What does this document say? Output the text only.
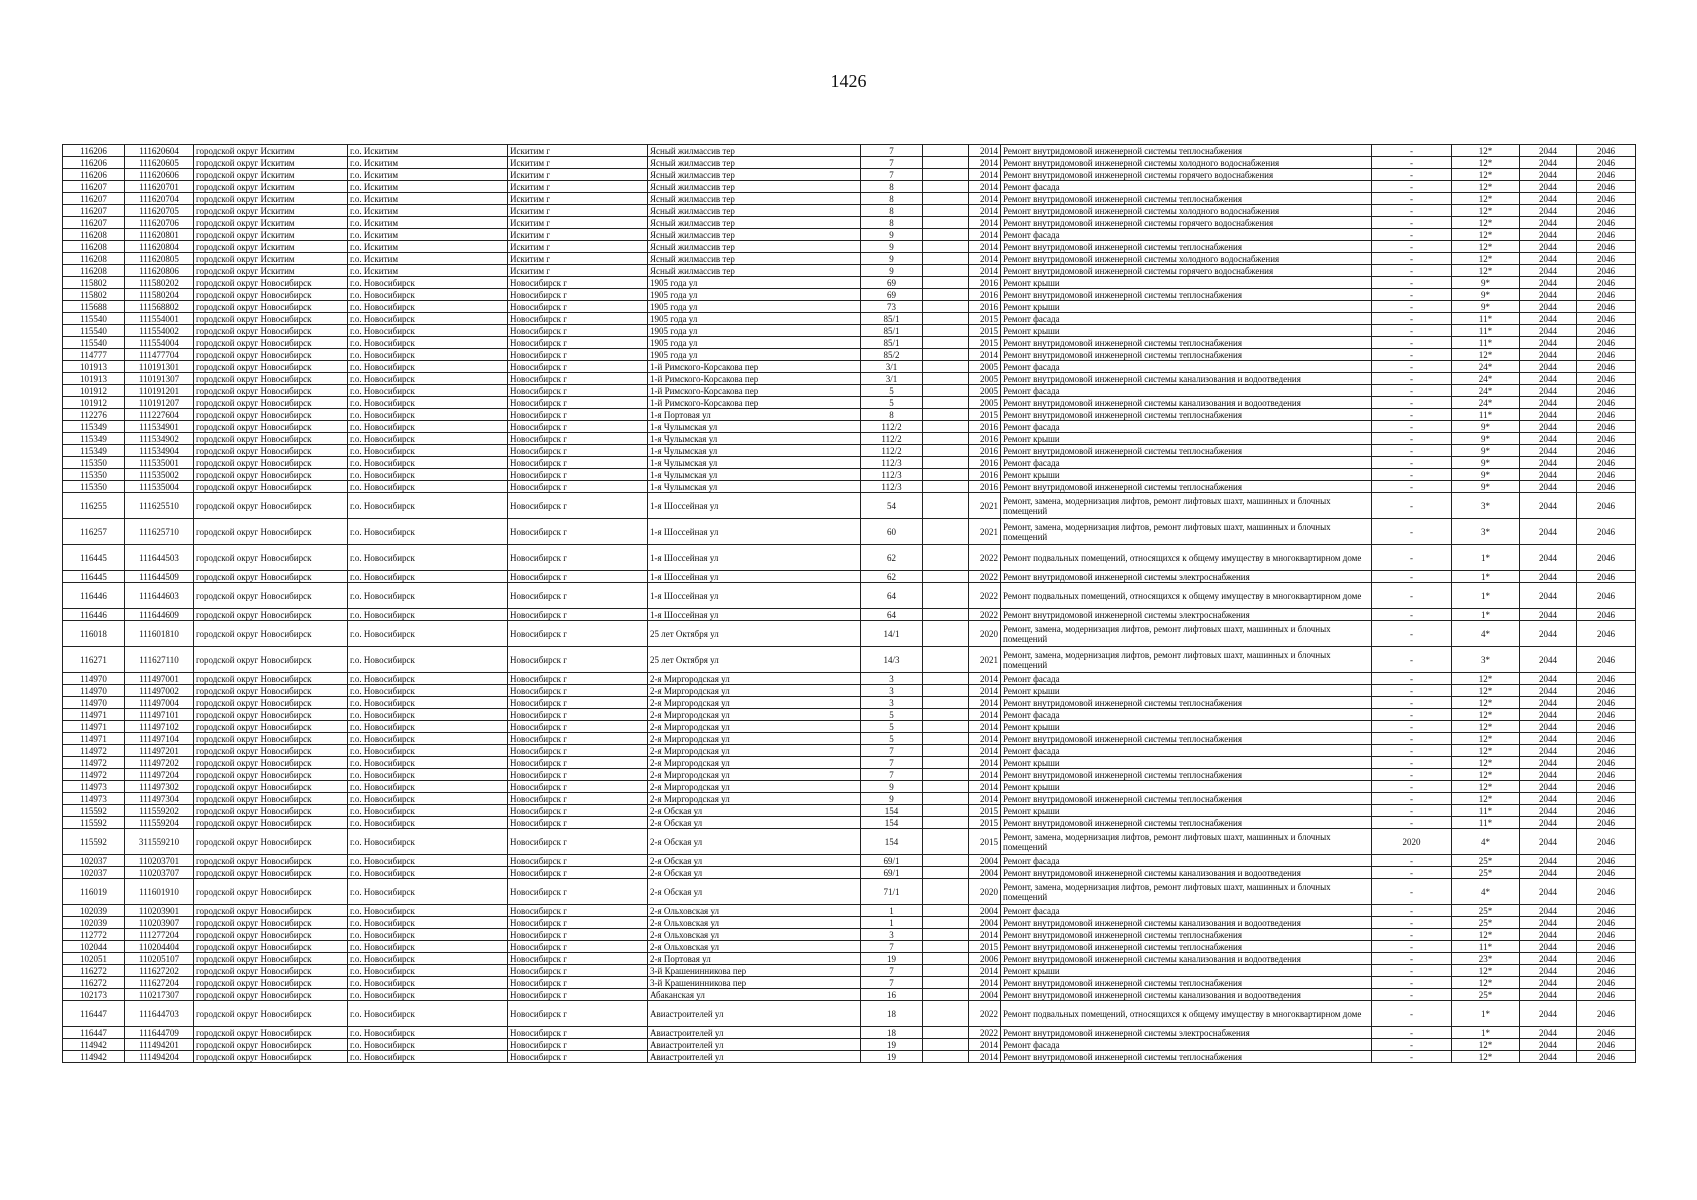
1426
116206	111620604	городской округ Искитим	г.о. Искитим	Искитим г	Ясный жилмассив тер	7		2014	Ремонт внутридомовой инженерной системы теплоснабжения	-	12*	2044	2046
116206	111620605	городской округ Искитим	г.о. Искитим	Искитим г	Ясный жилмассив тер	7		2014	Ремонт внутридомовой инженерной системы холодного водоснабжения	-	12*	2044	2046
116206	111620606	городской округ Искитим	г.о. Искитим	Искитим г	Ясный жилмассив тер	7		2014	Ремонт внутридомовой инженерной системы горячего водоснабжения	-	12*	2044	2046
116207	111620701	городской округ Искитим	г.о. Искитим	Искитим г	Ясный жилмассив тер	8		2014	Ремонт фасада	-	12*	2044	2046
116207	111620704	городской округ Искитим	г.о. Искитим	Искитим г	Ясный жилмассив тер	8		2014	Ремонт внутридомовой инженерной системы теплоснабжения	-	12*	2044	2046
116207	111620705	городской округ Искитим	г.о. Искитим	Искитим г	Ясный жилмассив тер	8		2014	Ремонт внутридомовой инженерной системы холодного водоснабжения	-	12*	2044	2046
116207	111620706	городской округ Искитим	г.о. Искитим	Искитим г	Ясный жилмассив тер	8		2014	Ремонт внутридомовой инженерной системы горячего водоснабжения	-	12*	2044	2046
116208	111620801	городской округ Искитим	г.о. Искитим	Искитим г	Ясный жилмассив тер	9		2014	Ремонт фасада	-	12*	2044	2046
116208	111620804	городской округ Искитим	г.о. Искитим	Искитим г	Ясный жилмассив тер	9		2014	Ремонт внутридомовой инженерной системы теплоснабжения	-	12*	2044	2046
116208	111620805	городской округ Искитим	г.о. Искитим	Искитим г	Ясный жилмассив тер	9		2014	Ремонт внутридомовой инженерной системы холодного водоснабжения	-	12*	2044	2046
116208	111620806	городской округ Искитим	г.о. Искитим	Искитим г	Ясный жилмассив тер	9		2014	Ремонт внутридомовой инженерной системы горячего водоснабжения	-	12*	2044	2046
115802	111580202	городской округ Новосибирск	г.о. Новосибирск	Новосибирск г	1905 года ул	69		2016	Ремонт крыши	-	9*	2044	2046
115802	111580204	городской округ Новосибирск	г.о. Новосибирск	Новосибирск г	1905 года ул	69		2016	Ремонт внутридомовой инженерной системы теплоснабжения	-	9*	2044	2046
115688	111568802	городской округ Новосибирск	г.о. Новосибирск	Новосибирск г	1905 года ул	73		2016	Ремонт крыши	-	9*	2044	2046
115540	111554001	городской округ Новосибирск	г.о. Новосибирск	Новосибирск г	1905 года ул	85/1		2015	Ремонт фасада	-	11*	2044	2046
115540	111554002	городской округ Новосибирск	г.о. Новосибирск	Новосибирск г	1905 года ул	85/1		2015	Ремонт крыши	-	11*	2044	2046
115540	111554004	городской округ Новосибирск	г.о. Новосибирск	Новосибирск г	1905 года ул	85/1		2015	Ремонт внутридомовой инженерной системы теплоснабжения	-	11*	2044	2046
114777	111477704	городской округ Новосибирск	г.о. Новосибирск	Новосибирск г	1905 года ул	85/2		2014	Ремонт внутридомовой инженерной системы теплоснабжения	-	12*	2044	2046
101913	110191301	городской округ Новосибирск	г.о. Новосибирск	Новосибирск г	1-й Римского-Корсакова пер	3/1		2005	Ремонт фасада	-	24*	2044	2046
101913	110191307	городской округ Новосибирск	г.о. Новосибирск	Новосибирск г	1-й Римского-Корсакова пер	3/1		2005	Ремонт внутридомовой инженерной системы канализования и водоотведения	-	24*	2044	2046
101912	110191201	городской округ Новосибирск	г.о. Новосибирск	Новосибирск г	1-й Римского-Корсакова пер	5		2005	Ремонт фасада	-	24*	2044	2046
101912	110191207	городской округ Новосибирск	г.о. Новосибирск	Новосибирск г	1-й Римского-Корсакова пер	5		2005	Ремонт внутридомовой инженерной системы канализования и водоотведения	-	24*	2044	2046
112276	111227604	городской округ Новосибирск	г.о. Новосибирск	Новосибирск г	1-я Портовая ул	8		2015	Ремонт внутридомовой инженерной системы теплоснабжения	-	11*	2044	2046
115349	111534901	городской округ Новосибирск	г.о. Новосибирск	Новосибирск г	1-я Чулымская ул	112/2		2016	Ремонт фасада	-	9*	2044	2046
115349	111534902	городской округ Новосибирск	г.о. Новосибирск	Новосибирск г	1-я Чулымская ул	112/2		2016	Ремонт крыши	-	9*	2044	2046
115349	111534904	городской округ Новосибирск	г.о. Новосибирск	Новосибирск г	1-я Чулымская ул	112/2		2016	Ремонт внутридомовой инженерной системы теплоснабжения	-	9*	2044	2046
115350	111535001	городской округ Новосибирск	г.о. Новосибирск	Новосибирск г	1-я Чулымская ул	112/3		2016	Ремонт фасада	-	9*	2044	2046
115350	111535002	городской округ Новосибирск	г.о. Новосибирск	Новосибирск г	1-я Чулымская ул	112/3		2016	Ремонт крыши	-	9*	2044	2046
115350	111535004	городской округ Новосибирск	г.о. Новосибирск	Новосибирск г	1-я Чулымская ул	112/3		2016	Ремонт внутридомовой инженерной системы теплоснабжения	-	9*	2044	2046
116255	111625510	городской округ Новосибирск	г.о. Новосибирск	Новосибирск г	1-я Шоссейная ул	54		2021	Ремонт, замена, модернизация лифтов, ремонт лифтовых шахт, машинных и блочных помещений	-	3*	2044	2046
116257	111625710	городской округ Новосибирск	г.о. Новосибирск	Новосибирск г	1-я Шоссейная ул	60		2021	Ремонт, замена, модернизация лифтов, ремонт лифтовых шахт, машинных и блочных помещений	-	3*	2044	2046
116445	111644503	городской округ Новосибирск	г.о. Новосибирск	Новосибирск г	1-я Шоссейная ул	62		2022	Ремонт подвальных помещений, относящихся к общему имуществу в многоквартирном доме	-	1*	2044	2046
116445	111644509	городской округ Новосибирск	г.о. Новосибирск	Новосибирск г	1-я Шоссейная ул	62		2022	Ремонт внутридомовой инженерной системы электроснабжения	-	1*	2044	2046
116446	111644603	городской округ Новосибирск	г.о. Новосибирск	Новосибирск г	1-я Шоссейная ул	64		2022	Ремонт подвальных помещений, относящихся к общему имуществу в многоквартирном доме	-	1*	2044	2046
116446	111644609	городской округ Новосибирск	г.о. Новосибирск	Новосибирск г	1-я Шоссейная ул	64		2022	Ремонт внутридомовой инженерной системы электроснабжения	-	1*	2044	2046
116018	111601810	городской округ Новосибирск	г.о. Новосибирск	Новосибирск г	25 лет Октября ул	14/1		2020	Ремонт, замена, модернизация лифтов, ремонт лифтовых шахт, машинных и блочных помещений	-	4*	2044	2046
116271	111627110	городской округ Новосибирск	г.о. Новосибирск	Новосибирск г	25 лет Октября ул	14/3		2021	Ремонт, замена, модернизация лифтов, ремонт лифтовых шахт, машинных и блочных помещений	-	3*	2044	2046
114970	111497001	городской округ Новосибирск	г.о. Новосибирск	Новосибирск г	2-я Миргородская ул	3		2014	Ремонт фасада	-	12*	2044	2046
114970	111497002	городской округ Новосибирск	г.о. Новосибирск	Новосибирск г	2-я Миргородская ул	3		2014	Ремонт крыши	-	12*	2044	2046
114970	111497004	городской округ Новосибирск	г.о. Новосибирск	Новосибирск г	2-я Миргородская ул	3		2014	Ремонт внутридомовой инженерной системы теплоснабжения	-	12*	2044	2046
114971	111497101	городской округ Новосибирск	г.о. Новосибирск	Новосибирск г	2-я Миргородская ул	5		2014	Ремонт фасада	-	12*	2044	2046
114971	111497102	городской округ Новосибирск	г.о. Новосибирск	Новосибирск г	2-я Миргородская ул	5		2014	Ремонт крыши	-	12*	2044	2046
114971	111497104	городской округ Новосибирск	г.о. Новосибирск	Новосибирск г	2-я Миргородская ул	5		2014	Ремонт внутридомовой инженерной системы теплоснабжения	-	12*	2044	2046
114972	111497201	городской округ Новосибирск	г.о. Новосибирск	Новосибирск г	2-я Миргородская ул	7		2014	Ремонт фасада	-	12*	2044	2046
114972	111497202	городской округ Новосибирск	г.о. Новосибирск	Новосибирск г	2-я Миргородская ул	7		2014	Ремонт крыши	-	12*	2044	2046
114972	111497204	городской округ Новосибирск	г.о. Новосибирск	Новосибирск г	2-я Миргородская ул	7		2014	Ремонт внутридомовой инженерной системы теплоснабжения	-	12*	2044	2046
114973	111497302	городской округ Новосибирск	г.о. Новосибирск	Новосибирск г	2-я Миргородская ул	9		2014	Ремонт крыши	-	12*	2044	2046
114973	111497304	городской округ Новосибирск	г.о. Новосибирск	Новосибирск г	2-я Миргородская ул	9		2014	Ремонт внутридомовой инженерной системы теплоснабжения	-	12*	2044	2046
115592	111559202	городской округ Новосибирск	г.о. Новосибирск	Новосибирск г	2-я Обская ул	154		2015	Ремонт крыши	-	11*	2044	2046
115592	111559204	городской округ Новосибирск	г.о. Новосибирск	Новосибирск г	2-я Обская ул	154		2015	Ремонт внутридомовой инженерной системы теплоснабжения	-	11*	2044	2046
115592	311559210	городской округ Новосибирск	г.о. Новосибирск	Новосибирск г	2-я Обская ул	154		2015	Ремонт, замена, модернизация лифтов, ремонт лифтовых шахт, машинных и блочных помещений	2020	4*	2044	2046
102037	110203701	городской округ Новосибирск	г.о. Новосибирск	Новосибирск г	2-я Обская ул	69/1		2004	Ремонт фасада	-	25*	2044	2046
102037	110203707	городской округ Новосибирск	г.о. Новосибирск	Новосибирск г	2-я Обская ул	69/1		2004	Ремонт внутридомовой инженерной системы канализования и водоотведения	-	25*	2044	2046
116019	111601910	городской округ Новосибирск	г.о. Новосибирск	Новосибирск г	2-я Обская ул	71/1		2020	Ремонт, замена, модернизация лифтов, ремонт лифтовых шахт, машинных и блочных помещений	-	4*	2044	2046
102039	110203901	городской округ Новосибирск	г.о. Новосибирск	Новосибирск г	2-я Ольховская ул	1		2004	Ремонт фасада	-	25*	2044	2046
102039	110203907	городской округ Новосибирск	г.о. Новосибирск	Новосибирск г	2-я Ольховская ул	1		2004	Ремонт внутридомовой инженерной системы канализования и водоотведения	-	25*	2044	2046
112772	111277204	городской округ Новосибирск	г.о. Новосибирск	Новосибирск г	2-я Ольховская ул	3		2014	Ремонт внутридомовой инженерной системы теплоснабжения	-	12*	2044	2046
102044	110204404	городской округ Новосибирск	г.о. Новосибирск	Новосибирск г	2-я Ольховская ул	7		2015	Ремонт внутридомовой инженерной системы теплоснабжения	-	11*	2044	2046
102051	110205107	городской округ Новосибирск	г.о. Новосибирск	Новосибирск г	2-я Портовая ул	19		2006	Ремонт внутридомовой инженерной системы канализования и водоотведения	-	23*	2044	2046
116272	111627202	городской округ Новосибирск	г.о. Новосибирск	Новосибирск г	3-й Крашенинникова пер	7		2014	Ремонт крыши	-	12*	2044	2046
116272	111627204	городской округ Новосибирск	г.о. Новосибирск	Новосибирск г	3-й Крашенинникова пер	7		2014	Ремонт внутридомовой инженерной системы теплоснабжения	-	12*	2044	2046
102173	110217307	городской округ Новосибирск	г.о. Новосибирск	Новосибирск г	Абаканская ул	16		2004	Ремонт внутридомовой инженерной системы канализования и водоотведения	-	25*	2044	2046
116447	111644703	городской округ Новосибирск	г.о. Новосибирск	Новосибирск г	Авиастроителей ул	18		2022	Ремонт подвальных помещений, относящихся к общему имуществу в многоквартирном доме	-	1*	2044	2046
116447	111644709	городской округ Новосибирск	г.о. Новосибирск	Новосибирск г	Авиастроителей ул	18		2022	Ремонт внутридомовой инженерной системы электроснабжения	-	1*	2044	2046
114942	111494201	городской округ Новосибирск	г.о. Новосибирск	Новосибирск г	Авиастроителей ул	19		2014	Ремонт фасада	-	12*	2044	2046
114942	111494204	городской округ Новосибирск	г.о. Новосибирск	Новосибирск г	Авиастроителей ул	19		2014	Ремонт внутридомовой инженерной системы теплоснабжения	-	12*	2044	2046
